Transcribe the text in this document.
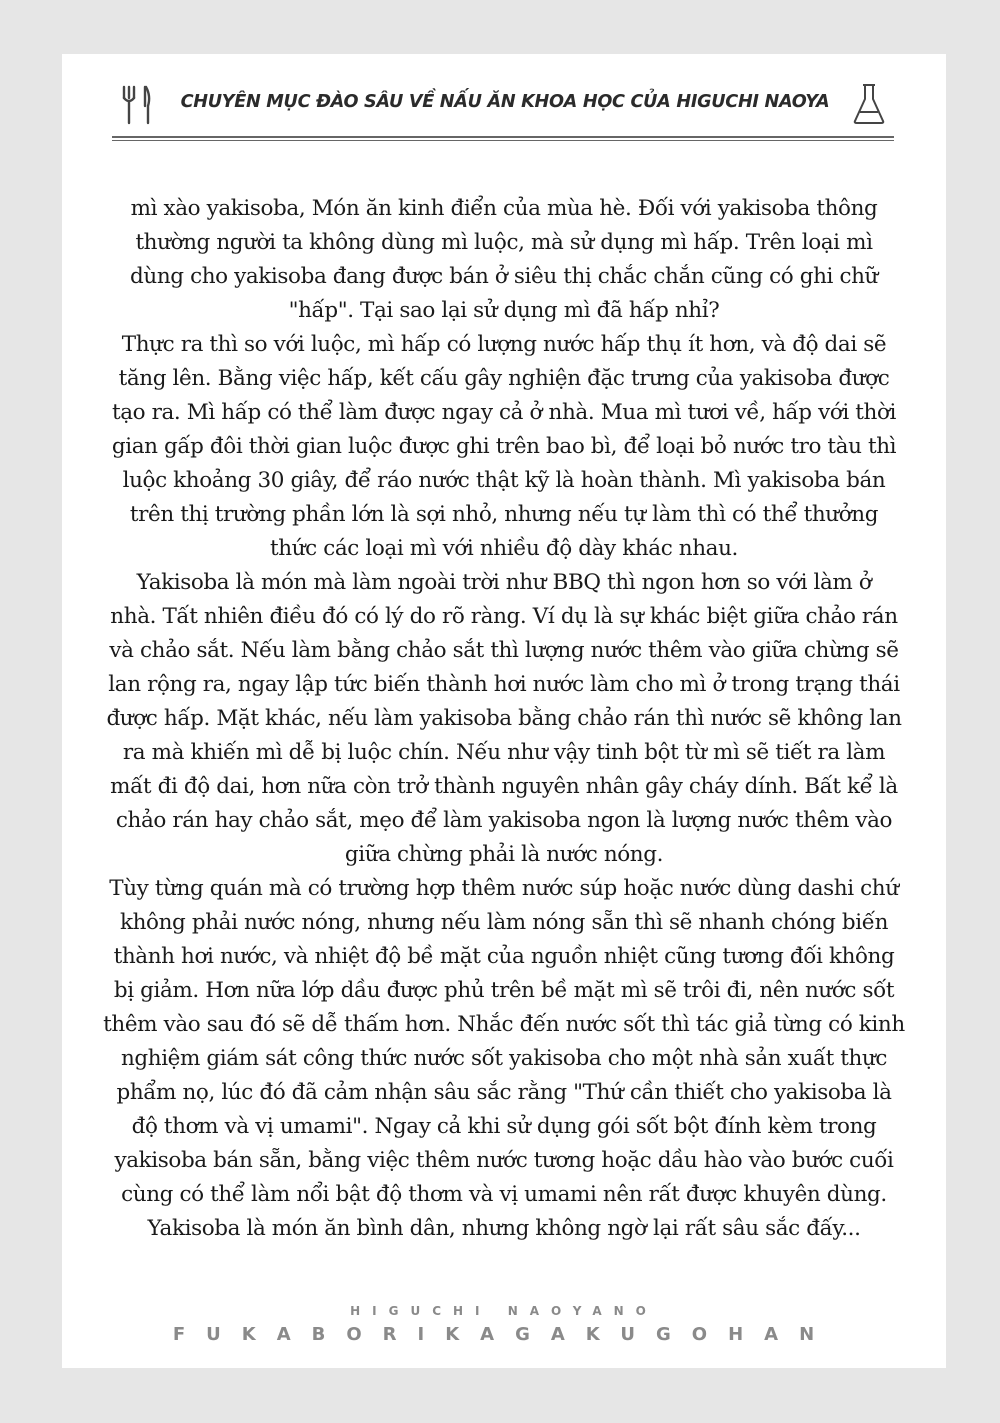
CHUYÊN MỤC ĐÀO SÂU VỀ NẤU ĂN KHOA HỌC CỦA HIGUCHI NAOYA
mì xào yakisoba, Món ăn kinh điển của mùa hè. Đối với yakisoba thông
thường người ta không dùng mì luộc, mà sử dụng mì hấp. Trên loại mì
dùng cho yakisoba đang được bán ở siêu thị chắc chắn cũng có ghi chữ
"hấp". Tại sao lại sử dụng mì đã hấp nhỉ?
Thực ra thì so với luộc, mì hấp có lượng nước hấp thụ ít hơn, và độ dai sẽ
tăng lên. Bằng việc hấp, kết cấu gây nghiện đặc trưng của yakisoba được
tạo ra. Mì hấp có thể làm được ngay cả ở nhà. Mua mì tươi về, hấp với thời
gian gấp đôi thời gian luộc được ghi trên bao bì, để loại bỏ nước tro tàu thì
luộc khoảng 30 giây, để ráo nước thật kỹ là hoàn thành. Mì yakisoba bán
trên thị trường phần lớn là sợi nhỏ, nhưng nếu tự làm thì có thể thưởng
thức các loại mì với nhiều độ dày khác nhau.
Yakisoba là món mà làm ngoài trời như BBQ thì ngon hơn so với làm ở
nhà. Tất nhiên điều đó có lý do rõ ràng. Ví dụ là sự khác biệt giữa chảo rán
và chảo sắt. Nếu làm bằng chảo sắt thì lượng nước thêm vào giữa chừng sẽ
lan rộng ra, ngay lập tức biến thành hơi nước làm cho mì ở trong trạng thái
được hấp. Mặt khác, nếu làm yakisoba bằng chảo rán thì nước sẽ không lan
ra mà khiến mì dễ bị luộc chín. Nếu như vậy tinh bột từ mì sẽ tiết ra làm
mất đi độ dai, hơn nữa còn trở thành nguyên nhân gây cháy dính. Bất kể là
chảo rán hay chảo sắt, mẹo để làm yakisoba ngon là lượng nước thêm vào
giữa chừng phải là nước nóng.
Tùy từng quán mà có trường hợp thêm nước súp hoặc nước dùng dashi chứ
không phải nước nóng, nhưng nếu làm nóng sẵn thì sẽ nhanh chóng biến
thành hơi nước, và nhiệt độ bề mặt của nguồn nhiệt cũng tương đối không
bị giảm. Hơn nữa lớp dầu được phủ trên bề mặt mì sẽ trôi đi, nên nước sốt
thêm vào sau đó sẽ dễ thấm hơn. Nhắc đến nước sốt thì tác giả từng có kinh
nghiệm giám sát công thức nước sốt yakisoba cho một nhà sản xuất thực
phẩm nọ, lúc đó đã cảm nhận sâu sắc rằng "Thứ cần thiết cho yakisoba là
độ thơm và vị umami". Ngay cả khi sử dụng gói sốt bột đính kèm trong
yakisoba bán sẵn, bằng việc thêm nước tương hoặc dầu hào vào bước cuối
cùng có thể làm nổi bật độ thơm và vị umami nên rất được khuyên dùng.
Yakisoba là món ăn bình dân, nhưng không ngờ lại rất sâu sắc đấy...
HIGUCHI NAOYANO
FUKABORIKAGAKUGOHAN
